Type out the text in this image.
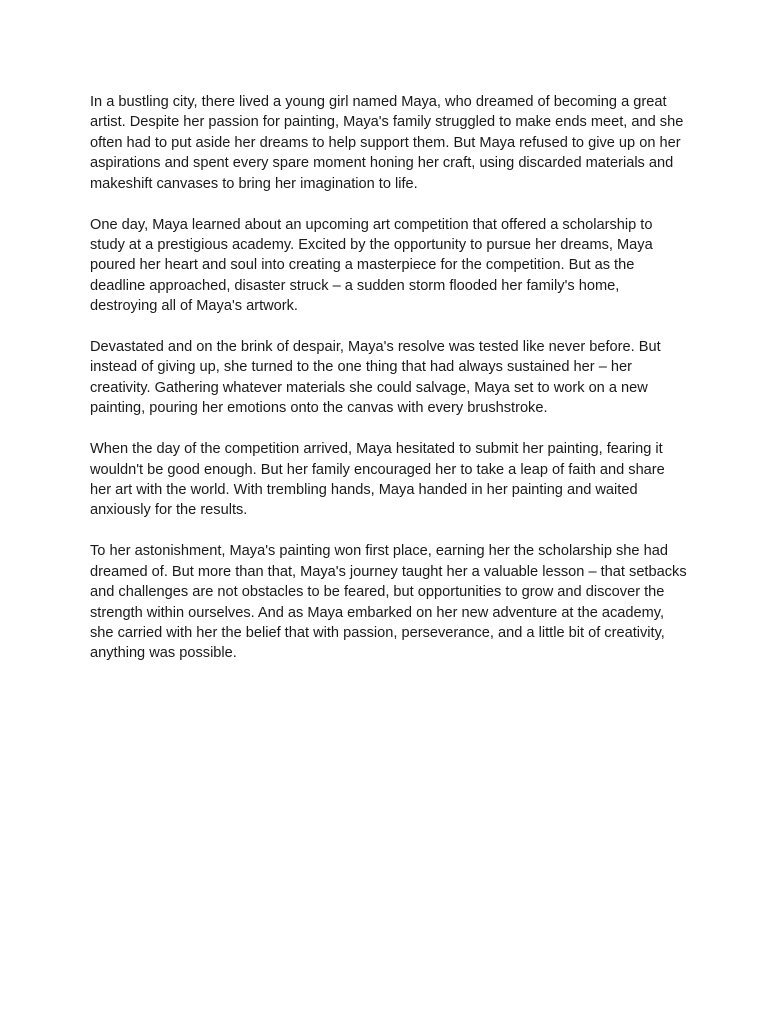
In a bustling city, there lived a young girl named Maya, who dreamed of becoming a great artist. Despite her passion for painting, Maya's family struggled to make ends meet, and she often had to put aside her dreams to help support them. But Maya refused to give up on her aspirations and spent every spare moment honing her craft, using discarded materials and makeshift canvases to bring her imagination to life.

One day, Maya learned about an upcoming art competition that offered a scholarship to study at a prestigious academy. Excited by the opportunity to pursue her dreams, Maya poured her heart and soul into creating a masterpiece for the competition. But as the deadline approached, disaster struck – a sudden storm flooded her family's home, destroying all of Maya's artwork.

Devastated and on the brink of despair, Maya's resolve was tested like never before. But instead of giving up, she turned to the one thing that had always sustained her – her creativity. Gathering whatever materials she could salvage, Maya set to work on a new painting, pouring her emotions onto the canvas with every brushstroke.

When the day of the competition arrived, Maya hesitated to submit her painting, fearing it wouldn't be good enough. But her family encouraged her to take a leap of faith and share her art with the world. With trembling hands, Maya handed in her painting and waited anxiously for the results.

To her astonishment, Maya's painting won first place, earning her the scholarship she had dreamed of. But more than that, Maya's journey taught her a valuable lesson – that setbacks and challenges are not obstacles to be feared, but opportunities to grow and discover the strength within ourselves. And as Maya embarked on her new adventure at the academy, she carried with her the belief that with passion, perseverance, and a little bit of creativity, anything was possible.
